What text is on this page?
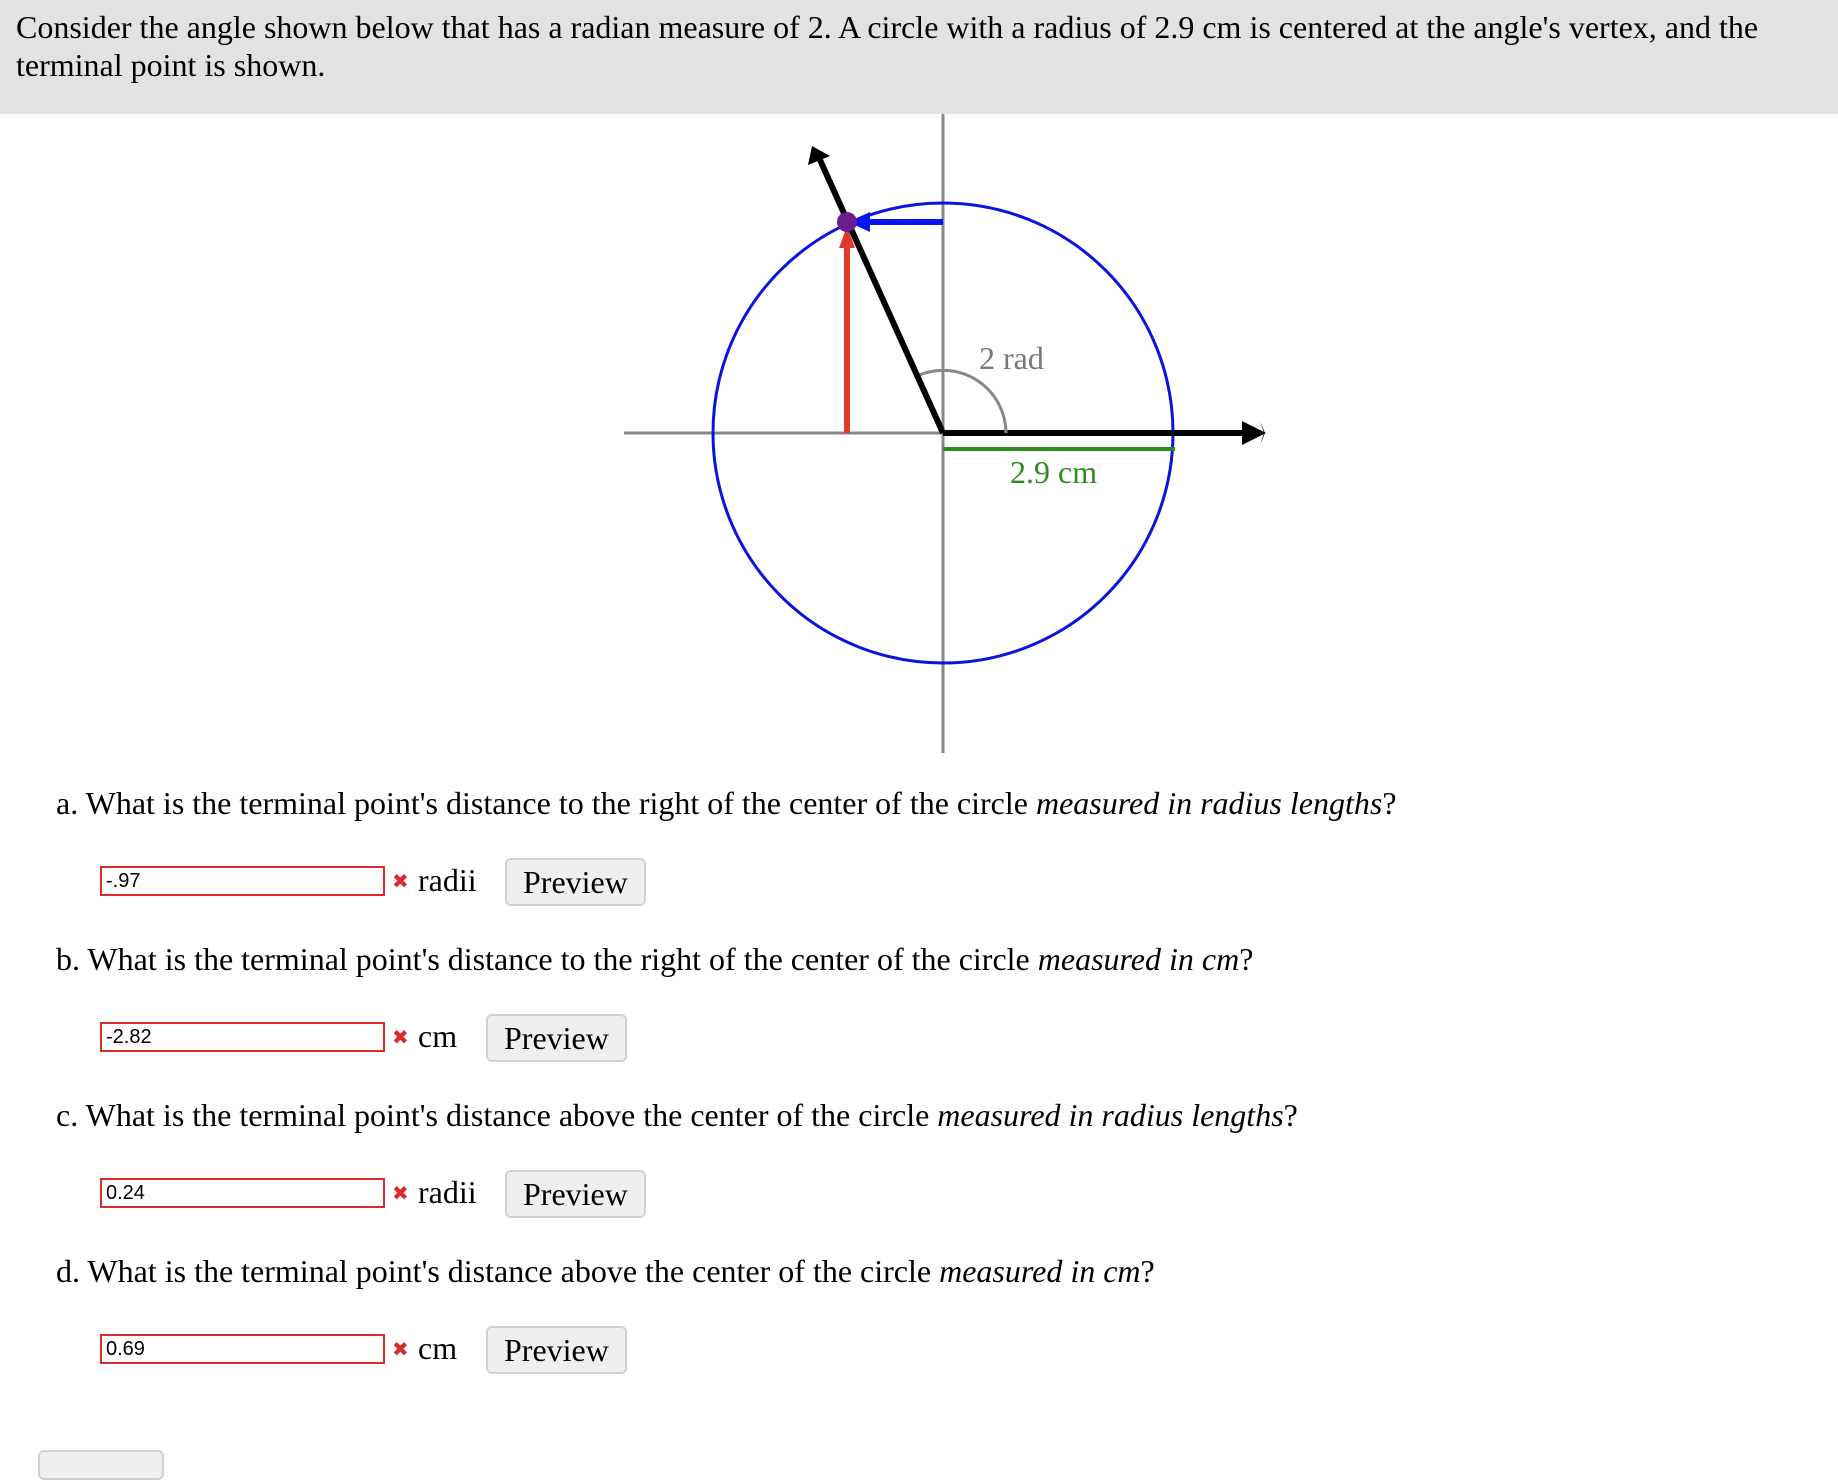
Consider the angle shown below that has a radian measure of 2. A circle with a radius of 2.9 cm is centered at the angle's vertex, and the terminal point is shown.
2 rad
2.9 cm
a. What is the terminal point's distance to the right of the center of the circle measured in radius lengths?
-.97
✖ radii	Preview
b. What is the terminal point's distance to the right of the center of the circle measured in cm?
-2.82
✖ cm	Preview
c. What is the terminal point's distance above the center of the circle measured in radius lengths?
0.24
✖ radii	Preview
d. What is the terminal point's distance above the center of the circle measured in cm?
0.69
✖ cm	Preview
